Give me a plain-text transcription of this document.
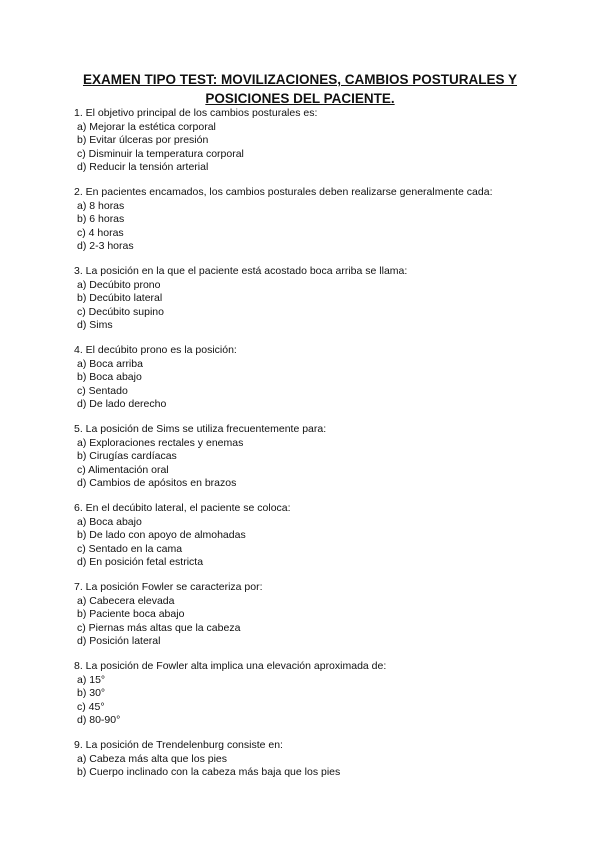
EXAMEN TIPO TEST: MOVILIZACIONES, CAMBIOS POSTURALES Y
POSICIONES DEL PACIENTE.
1. El objetivo principal de los cambios posturales es:
a) Mejorar la estética corporal
b) Evitar úlceras por presión
c) Disminuir la temperatura corporal
d) Reducir la tensión arterial
2. En pacientes encamados, los cambios posturales deben realizarse generalmente cada:
a) 8 horas
b) 6 horas
c) 4 horas
d) 2-3 horas
3. La posición en la que el paciente está acostado boca arriba se llama:
a) Decúbito prono
b) Decúbito lateral
c) Decúbito supino
d) Sims
4. El decúbito prono es la posición:
a) Boca arriba
b) Boca abajo
c) Sentado
d) De lado derecho
5. La posición de Sims se utiliza frecuentemente para:
a) Exploraciones rectales y enemas
b) Cirugías cardíacas
c) Alimentación oral
d) Cambios de apósitos en brazos
6. En el decúbito lateral, el paciente se coloca:
a) Boca abajo
b) De lado con apoyo de almohadas
c) Sentado en la cama
d) En posición fetal estricta
7. La posición Fowler se caracteriza por:
a) Cabecera elevada
b) Paciente boca abajo
c) Piernas más altas que la cabeza
d) Posición lateral
8. La posición de Fowler alta implica una elevación aproximada de:
a) 15°
b) 30°
c) 45°
d) 80-90°
9. La posición de Trendelenburg consiste en:
a) Cabeza más alta que los pies
b) Cuerpo inclinado con la cabeza más baja que los pies
